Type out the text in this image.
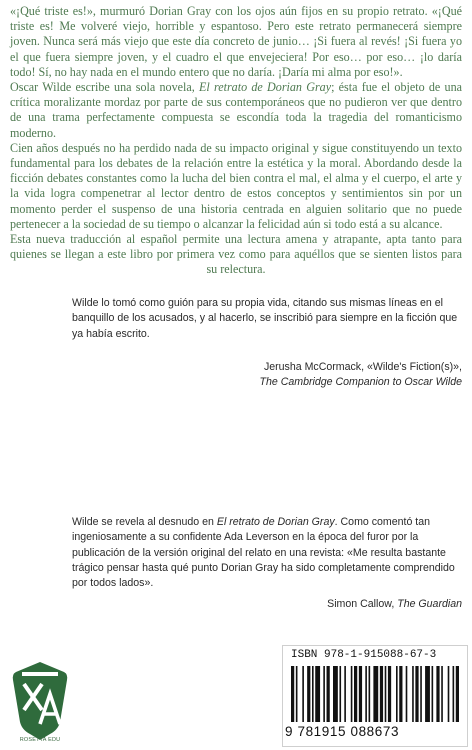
«¡Qué triste es!», murmuró Dorian Gray con los ojos aún fijos en su propio retrato. «¡Qué triste es! Me volveré viejo, horrible y espantoso. Pero este retrato permanecerá siempre joven. Nunca será más viejo que este día concreto de junio… ¡Si fuera al revés! ¡Si fuera yo el que fuera siempre joven, y el cuadro el que envejeciera! Por eso… por eso… ¡lo daría todo! Sí, no hay nada en el mundo entero que no daría. ¡Daría mi alma por eso!».

Oscar Wilde escribe una sola novela, El retrato de Dorian Gray; ésta fue el objeto de una crítica moralizante mordaz por parte de sus contemporáneos que no pudieron ver que dentro de una trama perfectamente compuesta se escondía toda la tragedia del romanticismo moderno.

Cien años después no ha perdido nada de su impacto original y sigue constituyendo un texto fundamental para los debates de la relación entre la estética y la moral. Abordando desde la ficción debates constantes como la lucha del bien contra el mal, el alma y el cuerpo, el arte y la vida logra compenetrar al lector dentro de estos conceptos y sentimientos sin por un momento perder el suspenso de una historia centrada en alguien solitario que no puede pertenecer a la sociedad de su tiempo o alcanzar la felicidad aún si todo está a su alcance.

Esta nueva traducción al español permite una lectura amena y atrapante, apta tanto para quienes se llegan a este libro por primera vez como para aquéllos que se sienten listos para su relectura.

Wilde lo tomó como guión para su propia vida, citando sus mismas líneas en el banquillo de los acusados, y al hacerlo, se inscribió para siempre en la ficción que ya había escrito.

Jerusha McCormack, «Wilde's Fiction(s)»,
The Cambridge Companion to Oscar Wilde

Wilde se revela al desnudo en El retrato de Dorian Gray. Como comentó tan ingeniosamente a su confidente Ada Leverson en la época del furor por la publicación de la versión original del relato en una revista: «Me resulta bastante trágico pensar hasta qué punto Dorian Gray ha sido completamente comprendido por todos lados».

Simon Callow, The Guardian
ROSETTA EDU
ISBN 978-1-915088-67-3
9 781915 088673
